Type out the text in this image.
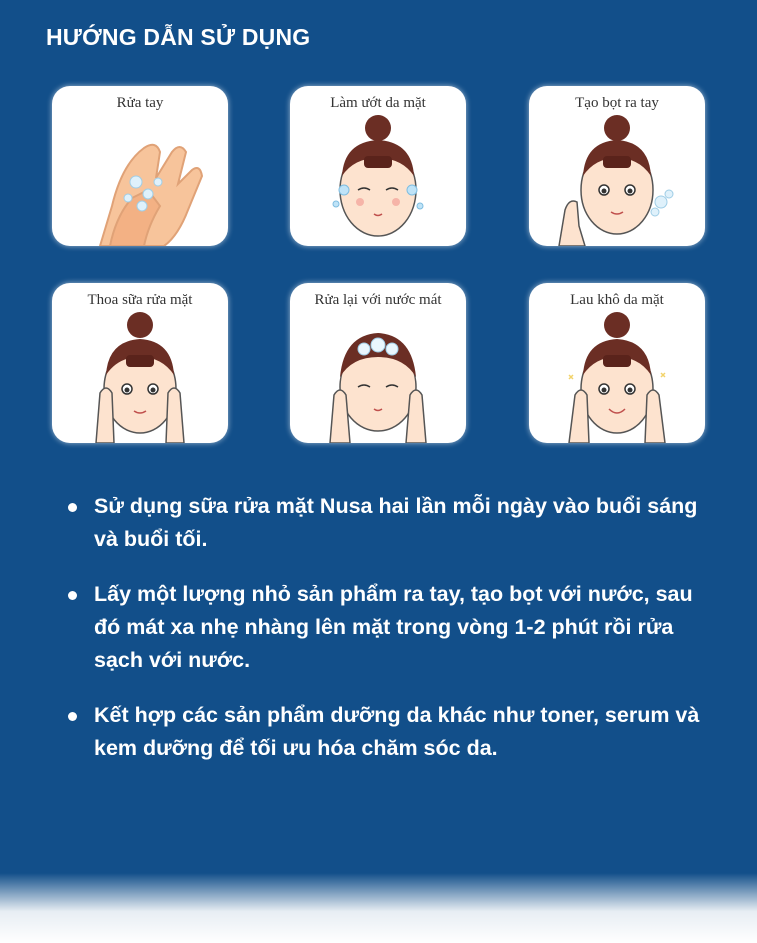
HƯỚNG DẪN SỬ DỤNG
Rửa tay	Làm ướt da mặt	Tạo bọt ra tay
Thoa sữa rửa mặt	Rửa lại với nước mát	Lau khô da mặt
Sử dụng sữa rửa mặt Nusa hai lần mỗi ngày vào buổi sáng và buổi tối.
Lấy một lượng nhỏ sản phẩm ra tay, tạo bọt với nước, sau đó mát xa nhẹ nhàng lên mặt trong vòng 1-2 phút rồi rửa sạch với nước.
Kết hợp các sản phẩm dưỡng da khác như toner, serum và kem dưỡng để tối ưu hóa chăm sóc da.
